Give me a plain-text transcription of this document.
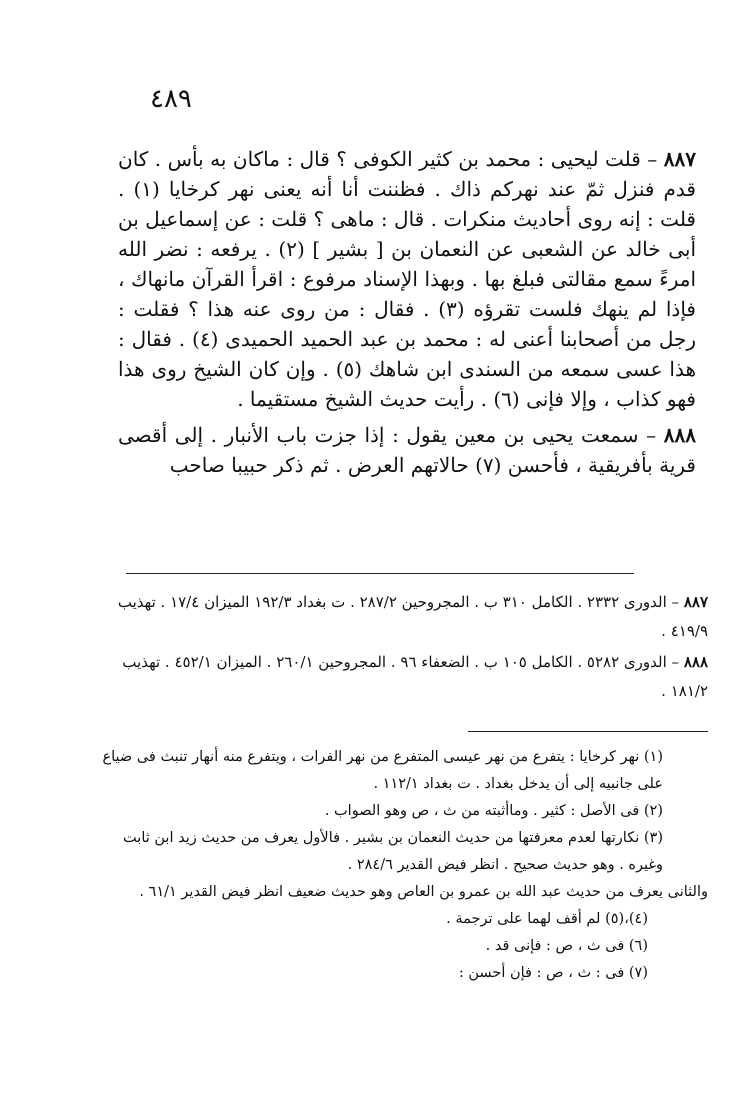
٤٨٩

٨٨٧ – قلت ليحيى : محمد بن كثير الكوفى ؟ قال : ماكان به بأس . كان قدم فنزل ثمّ عند نهركم ذاك . فظننت أنا أنه يعنى نهر كرخايا (١) . قلت : إنه روى أحاديث منكرات . قال : ماهى ؟ قلت : عن إسماعيل بن أبى خالد عن الشعبى عن النعمان بن [ بشير ] (٢) . يرفعه : نضر الله امرءً سمع مقالتى فبلغ بها . وبهذا الإسناد مرفوع : اقرأ القرآن مانهاك ، فإذا لم ينهك فلست تقرؤه (٣) . فقال : من روى عنه هذا ؟ فقلت : رجل من أصحابنا أعنى له : محمد بن عبد الحميد الحميدى (٤) . فقال : هذا عسى سمعه من السندى ابن شاهك (٥) . وإن كان الشيخ روى هذا فهو كذاب ، وإلا فإنى (٦) . رأيت حديث الشيخ مستقيما .

٨٨٨ – سمعت يحيى بن معين يقول : إذا جزت باب الأنبار . إلى أقصى قرية بأفريقية ، فأحسن (٧) حالاتهم العرض . ثم ذكر حبيبا صاحب

٨٨٧ – الدورى ٢٣٣٢ . الكامل ٣١٠ ب . المجروحين ٢٨٧/٢ . ت بغداد ١٩٢/٣ الميزان ١٧/٤ . تهذيب ٤١٩/٩ .

٨٨٨ – الدورى ٥٢٨٢ . الكامل ١٠٥ ب . الضعفاء ٩٦ . المجروحين ٢٦٠/١ . الميزان ٤٥٢/١ . تهذيب ١٨١/٢ .

(١) نهر كرخايا : يتفرع من نهر عيسى المتفرع من نهر الفرات ، ويتفرع منه أنهار تنبث فى ضياع على جانبيه إلى أن يدخل بغداد . ت بغداد ١١٢/١ .

(٢) فى الأصل : كثير . وماأثبته من ث ، ص وهو الصواب .

(٣) نكارتها لعدم معرفتها من حديث النعمان بن بشير . فالأول يعرف من حديث زيد ابن ثابت وغيره . وهو حديث صحيح . انظر فيض القدير ٢٨٤/٦ .

والثانى يعرف من حديث عبد الله بن عمرو بن العاص وهو حديث ضعيف انظر فيض القدير ٦١/١ .

(٤)،(٥) لم أقف لهما على ترجمة .

(٦) فى ث ، ص : فإنى قد .

(٧) فى : ث ، ص : فإن أحسن :
